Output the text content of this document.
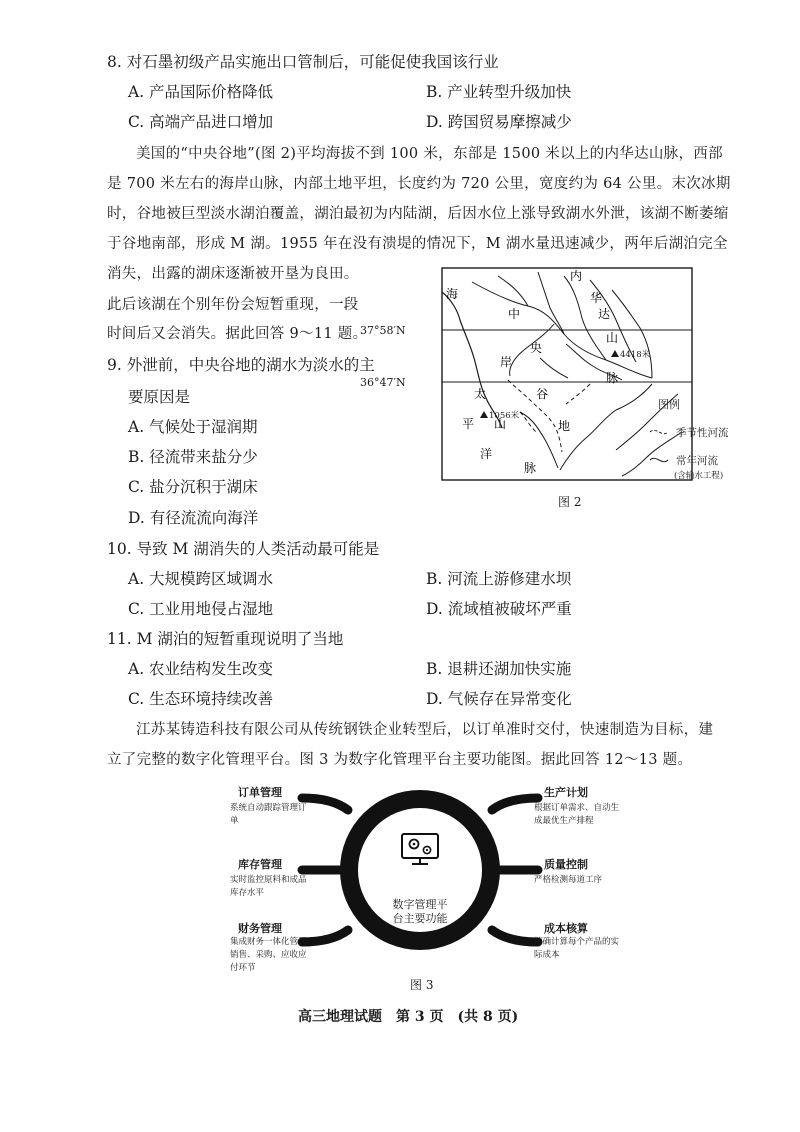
8. 对石墨初级产品实施出口管制后，可能促使我国该行业
A. 产品国际价格降低	B. 产业转型升级加快
C. 高端产品进口增加	D. 跨国贸易摩擦减少
美国的“中央谷地”(图 2)平均海拔不到 100 米，东部是 1500 米以上的内华达山脉，西部
是 700 米左右的海岸山脉，内部土地平坦，长度约为 720 公里，宽度约为 64 公里。末次冰期
时，谷地被巨型淡水湖泊覆盖，湖泊最初为内陆湖，后因水位上涨导致湖水外泄，该湖不断萎缩
于谷地南部，形成 M 湖。1955 年在没有溃堤的情况下，M 湖水量迅速减少，两年后湖泊完全
消失，出露的湖床逐渐被开垦为良田。
此后该湖在个别年份会短暂重现，一段
时间后又会消失。据此回答 9～11 题。
9. 外泄前，中央谷地的湖水为淡水的主
要原因是
A. 气候处于湿润期
B. 径流带来盐分少
C. 盐分沉积于湖床
D. 有径流流向海洋
4418米
1056米
37°58′N
36°47′N
海
岸
太
平
洋
山
脉
内
华
达
山
脉
中
央
谷
地
图例
季节性河流
常年河流
(含输水工程)
图 2
10. 导致 M 湖消失的人类活动最可能是
A. 大规模跨区域调水	B. 河流上游修建水坝
C. 工业用地侵占湿地	D. 流域植被破坏严重
11. M 湖泊的短暂重现说明了当地
A. 农业结构发生改变	B. 退耕还湖加快实施
C. 生态环境持续改善	D. 气候存在异常变化
江苏某铸造科技有限公司从传统钢铁企业转型后，以订单准时交付，快速制造为目标，建
立了完整的数字化管理平台。图 3 为数字化管理平台主要功能图。据此回答 12～13 题。
数字管理平
台主要功能
订单管理
系统自动跟踪管理订单
库存管理
实时监控原料和成品库存水平
财务管理
集成财务一体化管理销售、采购、应收应付环节
生产计划
根据订单需求、自动生成最优生产排程
质量控制
严格检测每道工序
成本核算
精确计算每个产品的实际成本
图 3
高三地理试题　第 3 页　(共 8 页)
